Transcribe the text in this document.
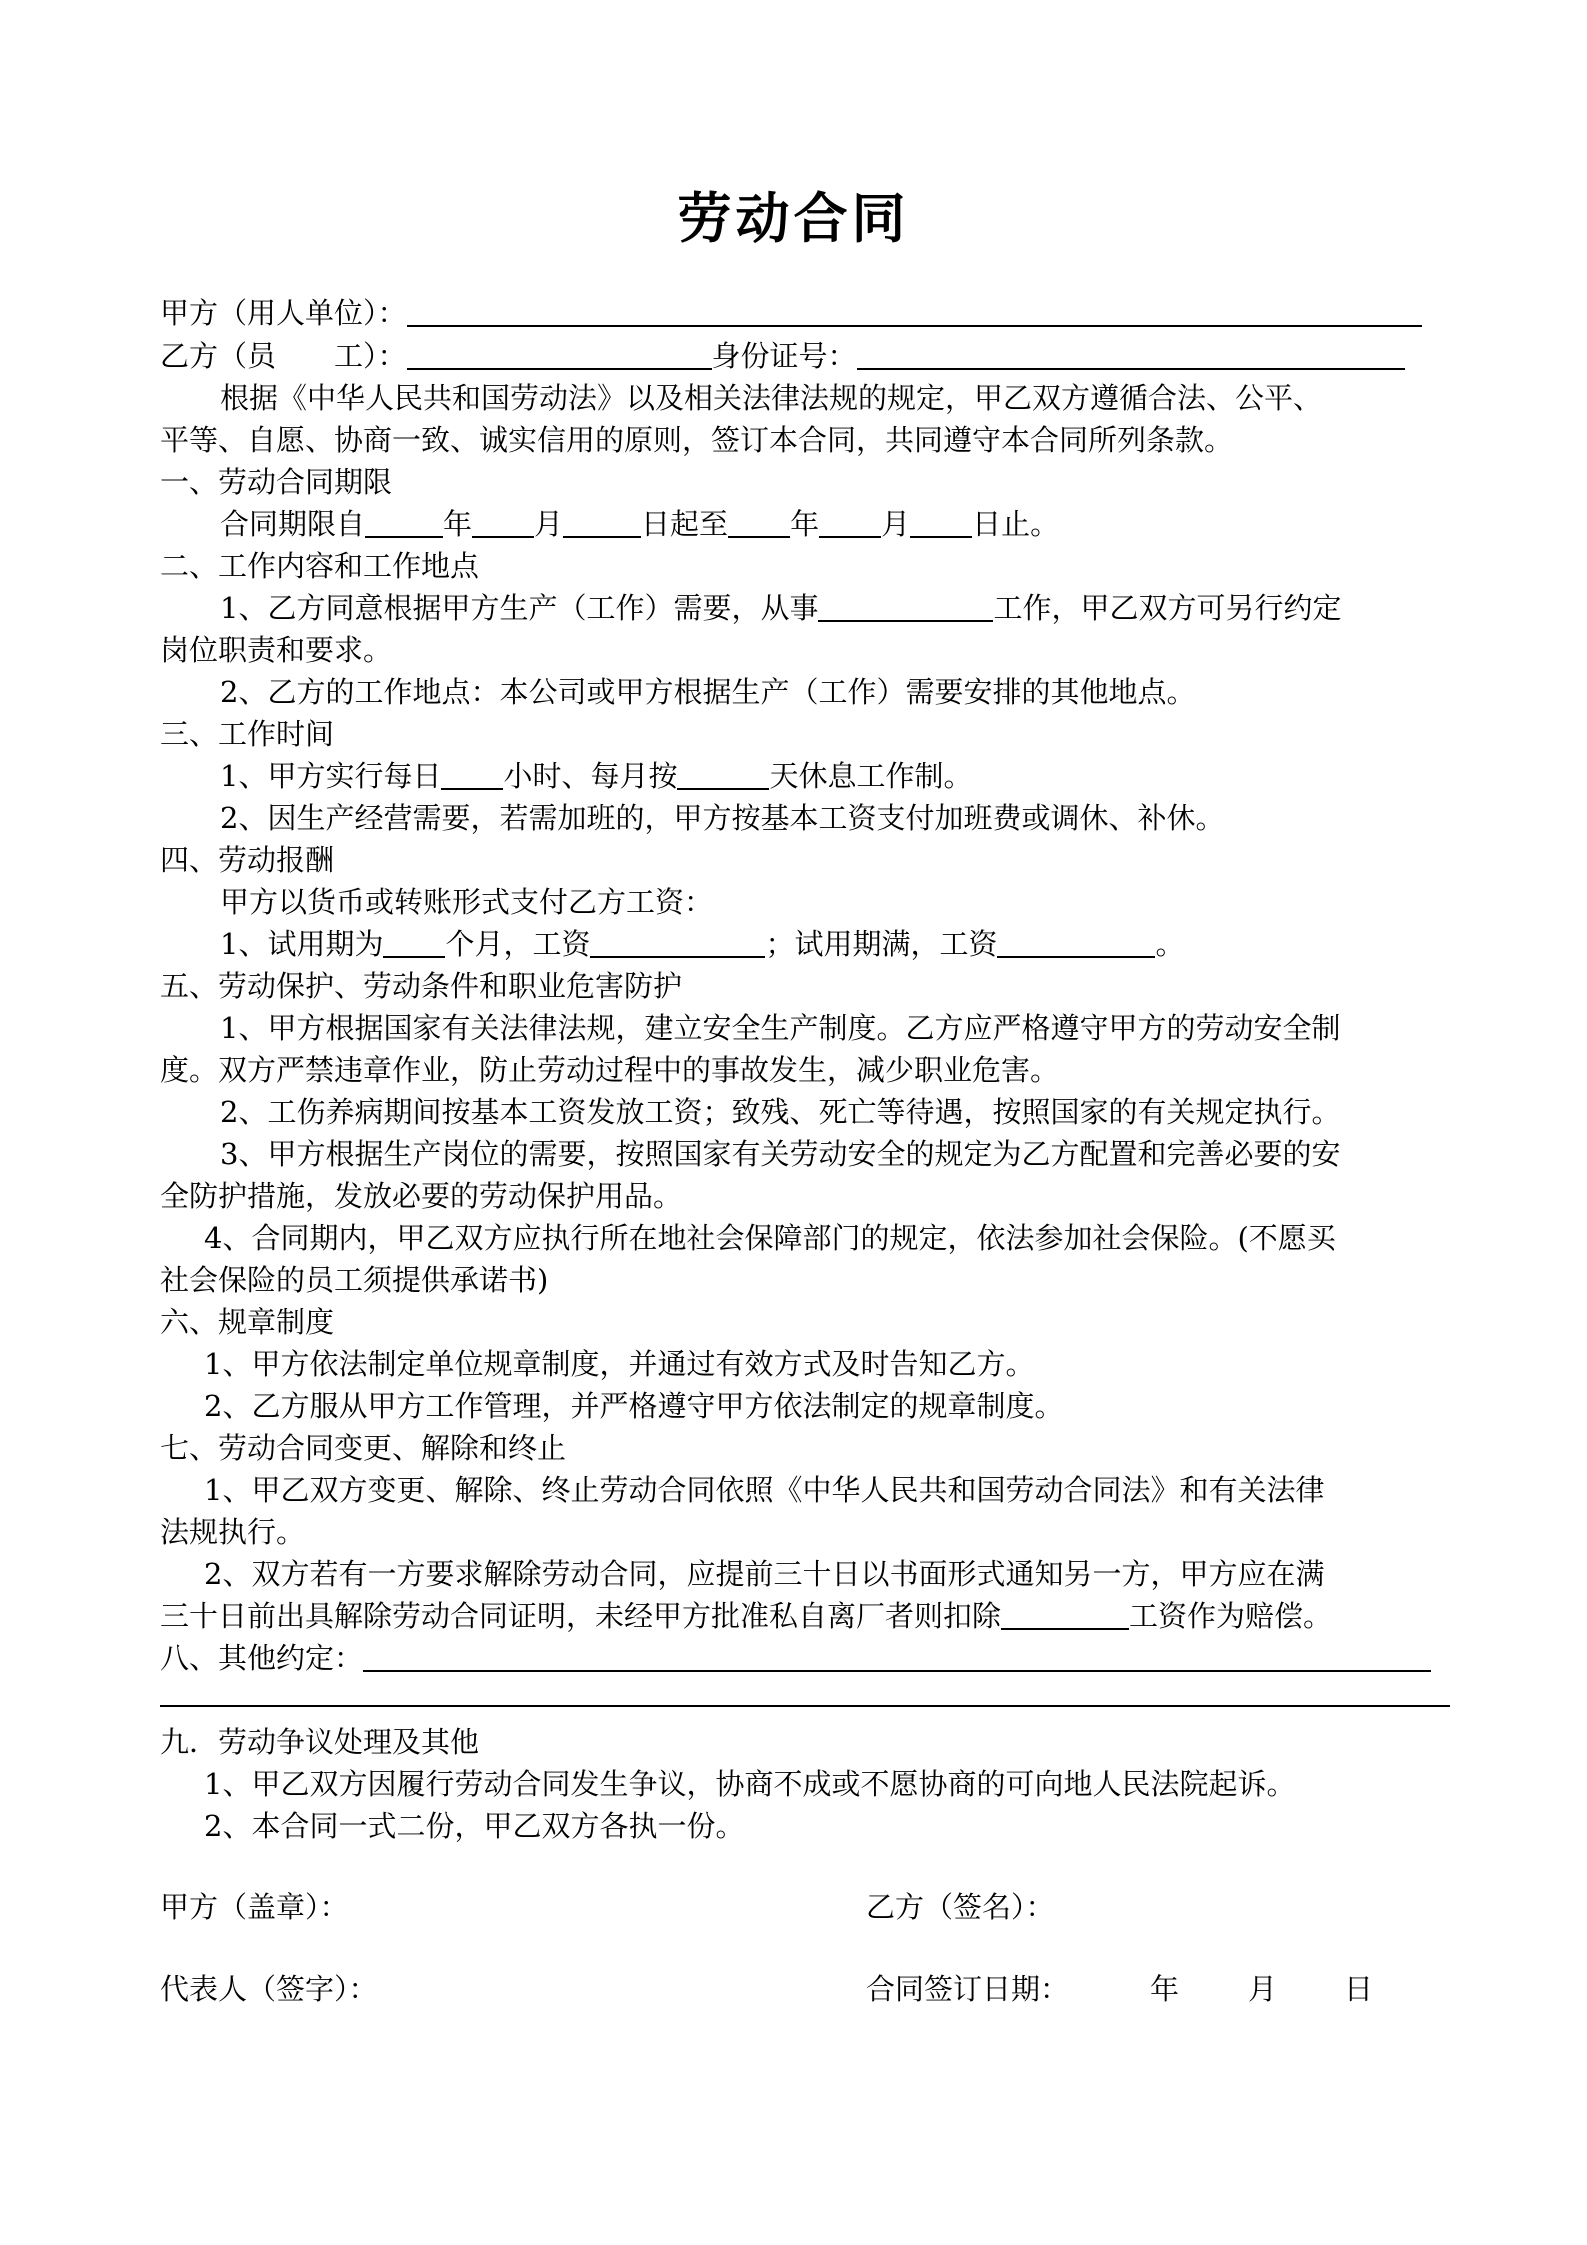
劳动合同
甲方（用人单位）：
乙方（员　　工）：	身份证号：
根据《中华人民共和国劳动法》以及相关法律法规的规定，甲乙双方遵循合法、公平、
平等、自愿、协商一致、诚实信用的原则，签订本合同，共同遵守本合同所列条款。
一、劳动合同期限
合同期限自	年 月	日起至 年 月 日止。
二、工作内容和工作地点
1、乙方同意根据甲方生产（工作）需要，从事	工作，甲乙双方可另行约定
岗位职责和要求。
2、乙方的工作地点：本公司或甲方根据生产（工作）需要安排的其他地点。
三、工作时间
1、甲方实行每日 小时、每月按	天休息工作制。
2、因生产经营需要，若需加班的，甲方按基本工资支付加班费或调休、补休。
四、劳动报酬
甲方以货币或转账形式支付乙方工资：
1、试用期为 个月，工资	；试用期满，工资	。
五、劳动保护、劳动条件和职业危害防护
1、甲方根据国家有关法律法规，建立安全生产制度。乙方应严格遵守甲方的劳动安全制
度。双方严禁违章作业，防止劳动过程中的事故发生，减少职业危害。
2、工伤养病期间按基本工资发放工资；致残、死亡等待遇，按照国家的有关规定执行。
3、甲方根据生产岗位的需要，按照国家有关劳动安全的规定为乙方配置和完善必要的安
全防护措施，发放必要的劳动保护用品。
4、合同期内，甲乙双方应执行所在地社会保障部门的规定，依法参加社会保险。(不愿买
社会保险的员工须提供承诺书)
六、规章制度
1、甲方依法制定单位规章制度，并通过有效方式及时告知乙方。
2、乙方服从甲方工作管理，并严格遵守甲方依法制定的规章制度。
七、劳动合同变更、解除和终止
1、甲乙双方变更、解除、终止劳动合同依照《中华人民共和国劳动合同法》和有关法律
法规执行。
2、双方若有一方要求解除劳动合同，应提前三十日以书面形式通知另一方，甲方应在满
三十日前出具解除劳动合同证明，未经甲方批准私自离厂者则扣除	工资作为赔偿。
八、其他约定：
九．劳动争议处理及其他
1、甲乙双方因履行劳动合同发生争议，协商不成或不愿协商的可向地人民法院起诉。
2、本合同一式二份，甲乙双方各执一份。
甲方（盖章）：	乙方（签名）：
代表人（签字）：	合同签订日期：	年 月 日
